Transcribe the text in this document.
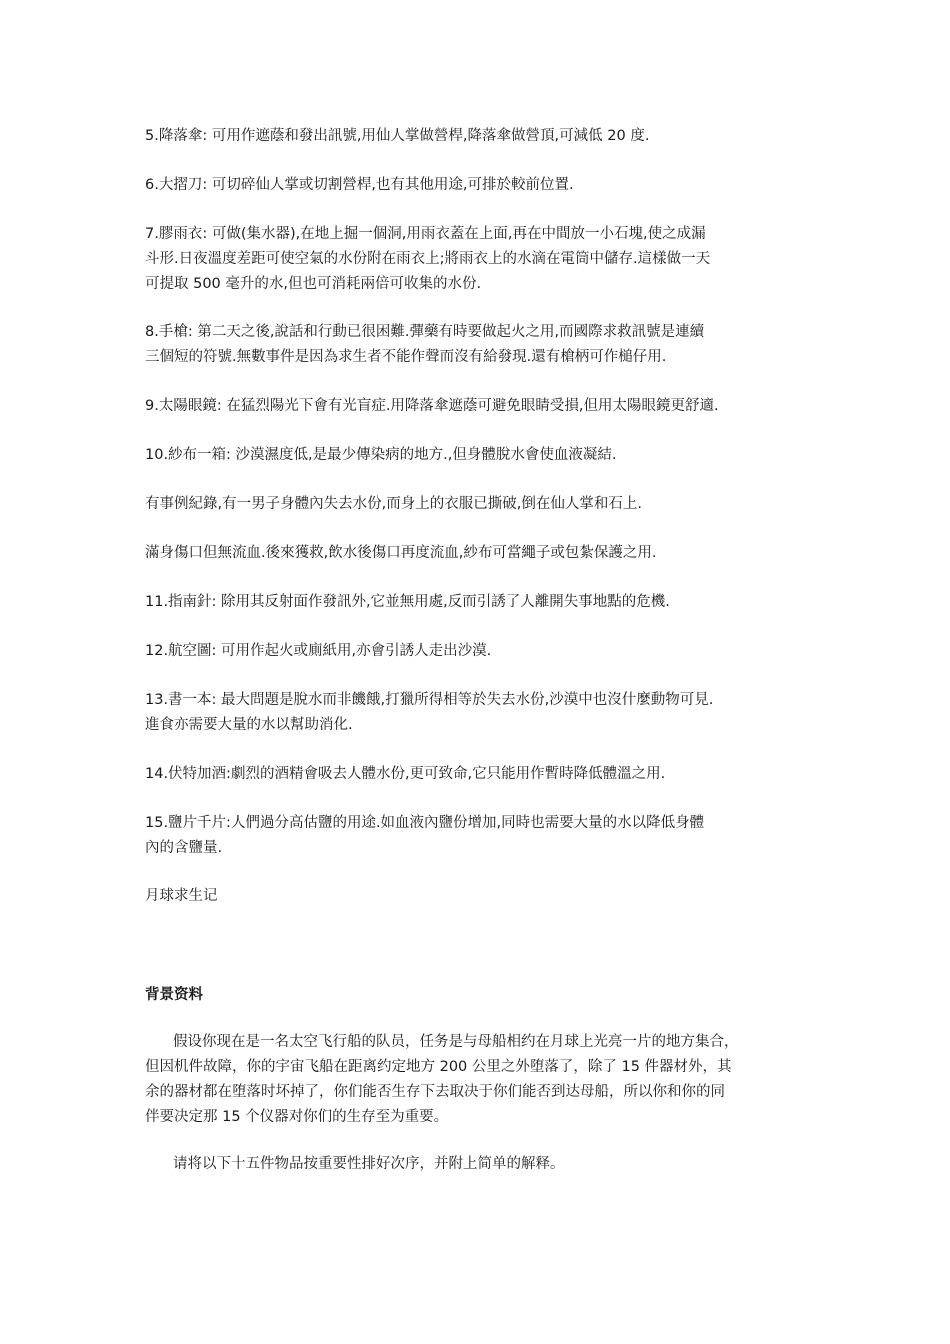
5.降落傘: 可用作遮蔭和發出訊號,用仙人掌做營桿,降落傘做營頂,可減低 20 度.
6.大摺刀: 可切碎仙人掌或切割營桿,也有其他用途,可排於較前位置.
7.膠雨衣: 可做(集水器),在地上掘一個洞,用雨衣蓋在上面,再在中間放一小石塊,使之成漏
斗形.日夜溫度差距可使空氣的水份附在雨衣上;將雨衣上的水滴在電筒中儲存.這樣做一天
可提取 500 毫升的水,但也可消耗兩倍可收集的水份.
8.手槍: 第二天之後,說話和行動已很困難.彈藥有時要做起火之用,而國際求救訊號是連續
三個短的符號.無數事件是因為求生者不能作聲而沒有給發現.還有槍柄可作槌仔用.
9.太陽眼鏡: 在猛烈陽光下會有光盲症.用降落傘遮蔭可避免眼睛受損,但用太陽眼鏡更舒適.
10.紗布一箱: 沙漠濕度低,是最少傳染病的地方.,但身體脫水會使血液凝結.
有事例紀錄,有一男子身體內失去水份,而身上的衣服已撕破,倒在仙人掌和石上.
滿身傷口但無流血.後來獲救,飲水後傷口再度流血,紗布可當繩子或包紮保護之用.
11.指南針: 除用其反射面作發訊外,它並無用處,反而引誘了人離開失事地點的危機.
12.航空圖: 可用作起火或廁紙用,亦會引誘人走出沙漠.
13.書一本: 最大問題是脫水而非饑餓,打獵所得相等於失去水份,沙漠中也沒什麼動物可見.
進食亦需要大量的水以幫助消化.
14.伏特加酒:劇烈的酒精會吸去人體水份,更可致命,它只能用作暫時降低體溫之用.
15.鹽片千片:人們過分高估鹽的用途.如血液內鹽份增加,同時也需要大量的水以降低身體
內的含鹽量.
月球求生记
背景资料
假设你现在是一名太空飞行船的队员，任务是与母船相约在月球上光亮一片的地方集合，
但因机件故障，你的宇宙飞船在距离约定地方 200 公里之外堕落了，除了 15 件器材外，其
余的器材都在堕落时坏掉了，你们能否生存下去取决于你们能否到达母船，所以你和你的同
伴要决定那 15 个仪器对你们的生存至为重要。
请将以下十五件物品按重要性排好次序，并附上简单的解释。
